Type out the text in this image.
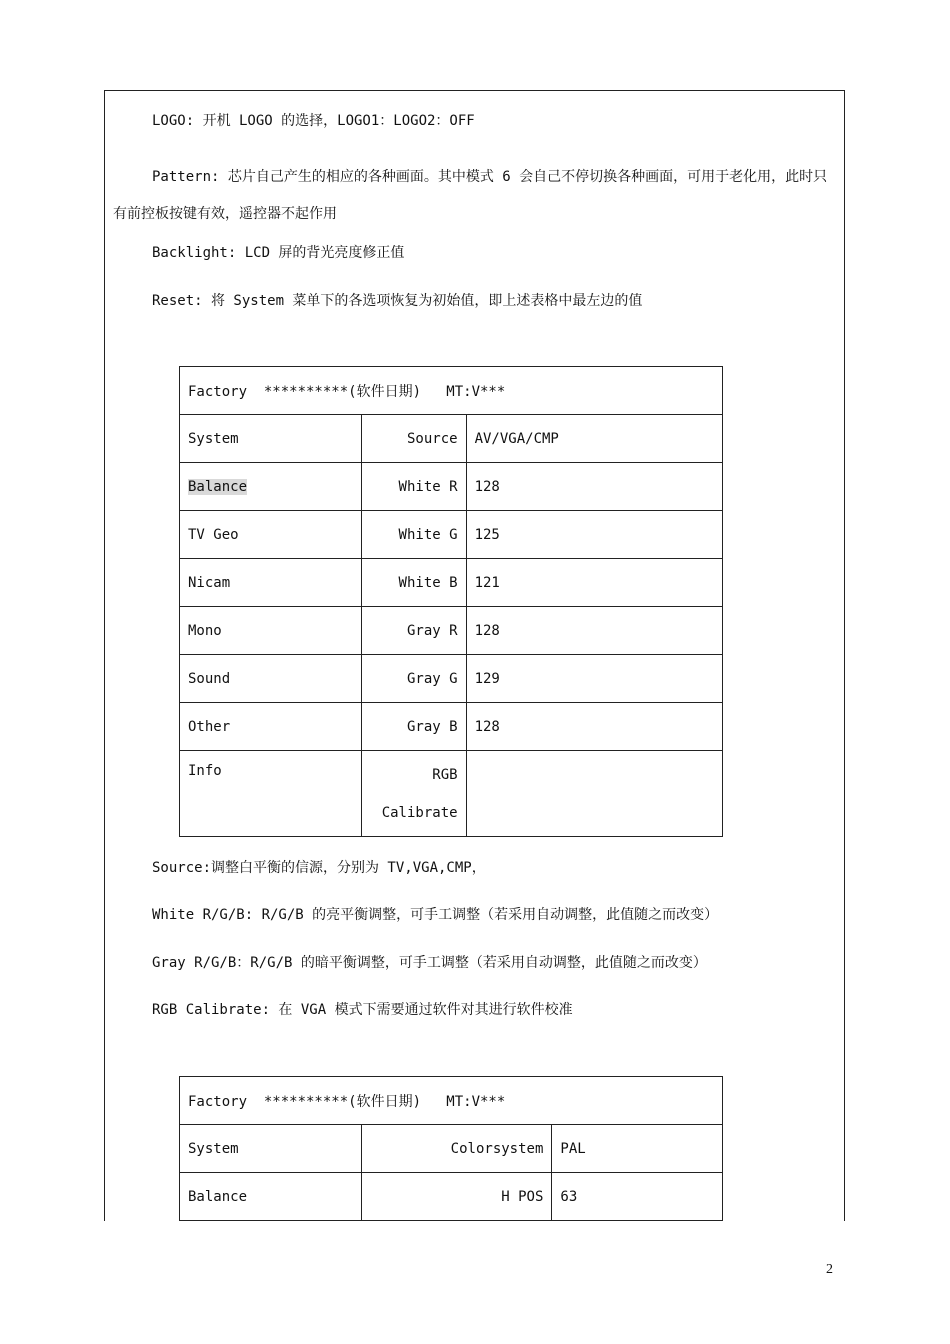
LOGO: 开机 LOGO 的选择，LOGO1：LOGO2：OFF
Pattern: 芯片自己产生的相应的各种画面。其中模式 6 会自己不停切换各种画面，可用于老化用，此时只有前控板按键有效，遥控器不起作用
Backlight: LCD 屏的背光亮度修正值
Reset: 将 System 菜单下的各选项恢复为初始值，即上述表格中最左边的值
Factory  **********(软件日期)   MT:V***		
System	Source	AV/VGA/CMP
Balance	White R	128
TV Geo	White G	125
Nicam	White B	121
Mono	Gray R	128
Sound	Gray G	129
Other	Gray B	128
Info	RGB
Calibrate	

Source:调整白平衡的信源，分别为 TV,VGA,CMP，
White R/G/B: R/G/B 的亮平衡调整，可手工调整（若采用自动调整，此值随之而改变）
Gray R/G/B：R/G/B 的暗平衡调整，可手工调整（若采用自动调整，此值随之而改变）
RGB Calibrate: 在 VGA 模式下需要通过软件对其进行软件校准
Factory  **********(软件日期)   MT:V***		
System	Colorsystem	PAL
Balance	H POS	63
2
